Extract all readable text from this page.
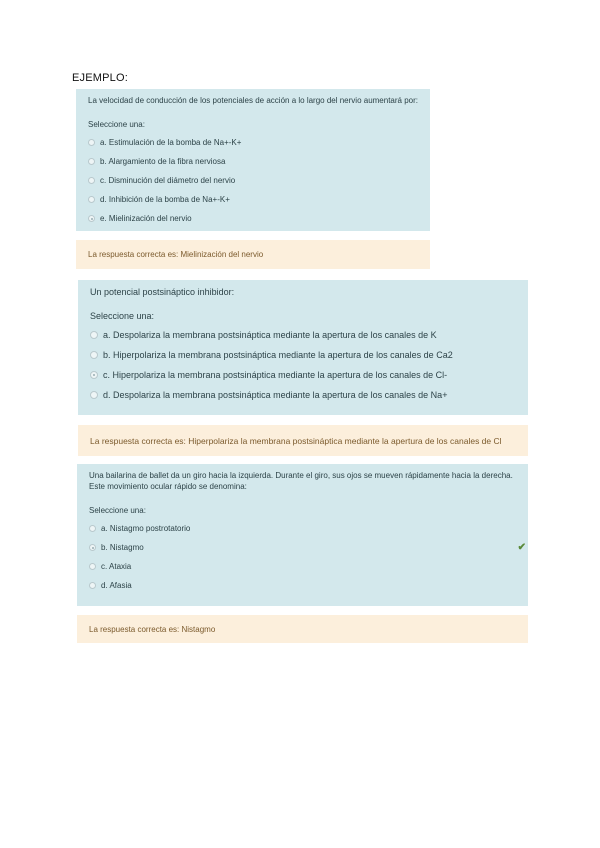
EJEMPLO:

La velocidad de conducción de los potenciales de acción a lo largo del nervio aumentará por:

Seleccione una:

a. Estimulación de la bomba de Na+-K+
b. Alargamiento de la fibra nerviosa
c. Disminución del diámetro del nervio
d. Inhibición de la bomba de Na+-K+
e. Mielinización del nervio
La respuesta correcta es: Mielinización del nervio

Un potencial postsináptico inhibidor:

Seleccione una:

a. Despolariza la membrana postsináptica mediante la apertura de los canales de K
b. Hiperpolariza la membrana postsináptica mediante la apertura de los canales de Ca2
c. Hiperpolariza la membrana postsináptica mediante la apertura de los canales de Cl-
d. Despolariza la membrana postsináptica mediante la apertura de los canales de Na+
La respuesta correcta es: Hiperpolariza la membrana postsináptica mediante la apertura de los canales de Cl

Una bailarina de ballet da un giro hacia la izquierda. Durante el giro, sus ojos se mueven rápidamente hacia la derecha. Este movimiento ocular rápido se denomina:

Seleccione una:

a. Nistagmo postrotatorio
b. Nistagmo
c. Ataxia
d. Afasia
✔
La respuesta correcta es: Nistagmo
